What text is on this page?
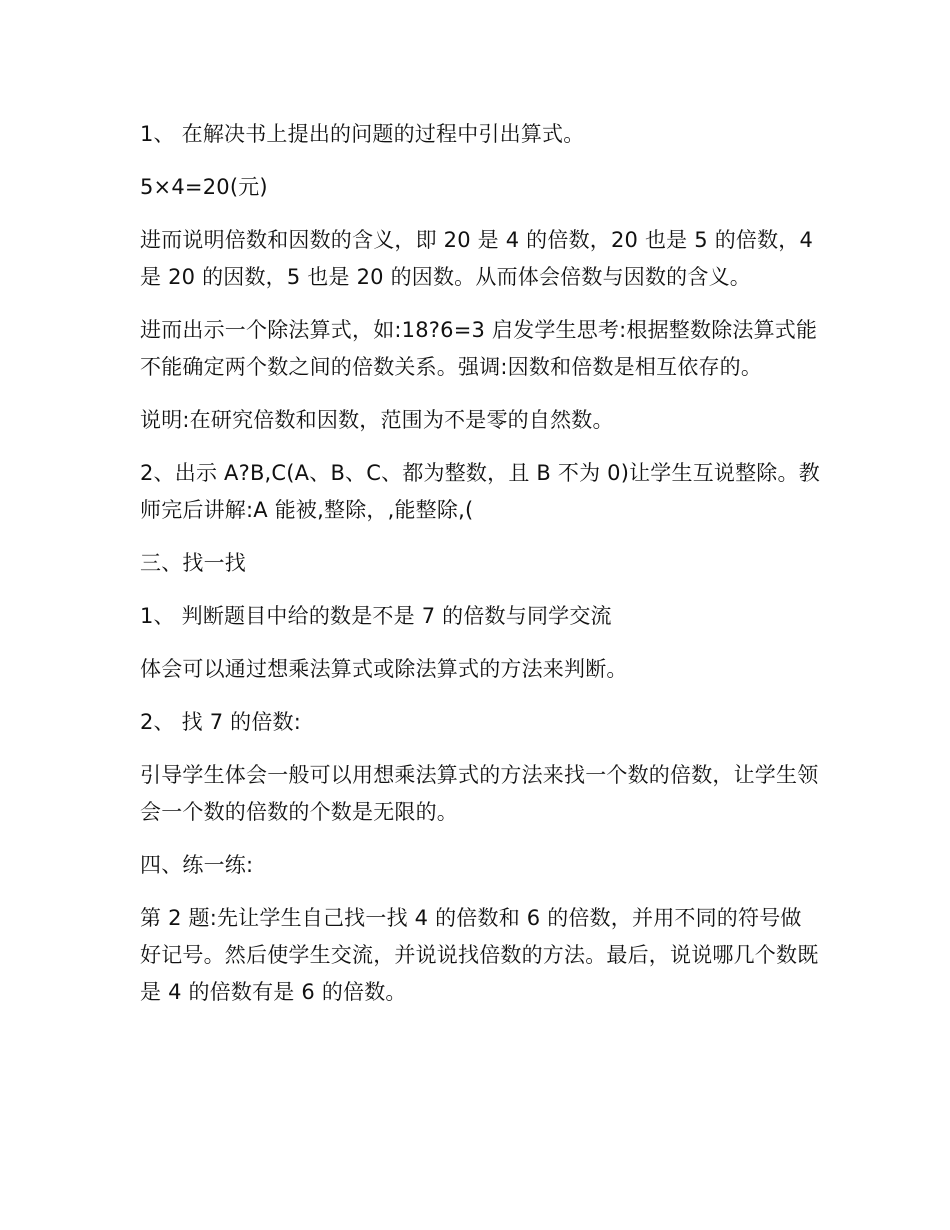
1、 在解决书上提出的问题的过程中引出算式。

5×4=20(元)

进而说明倍数和因数的含义，即 20 是 4 的倍数，20 也是 5 的倍数，4 是 20 的因数，5 也是 20 的因数。从而体会倍数与因数的含义。

进而出示一个除法算式，如:18?6=3 启发学生思考:根据整数除法算式能不能确定两个数之间的倍数关系。强调:因数和倍数是相互依存的。

说明:在研究倍数和因数，范围为不是零的自然数。

2、出示 A?B,C(A、B、C、都为整数，且 B 不为 0)让学生互说整除。教师完后讲解:A 能被,整除，,能整除,(

三、找一找

1、 判断题目中给的数是不是 7 的倍数与同学交流

体会可以通过想乘法算式或除法算式的方法来判断。

2、 找 7 的倍数:

引导学生体会一般可以用想乘法算式的方法来找一个数的倍数，让学生领会一个数的倍数的个数是无限的。

四、练一练:

第 2 题:先让学生自己找一找 4 的倍数和 6 的倍数，并用不同的符号做好记号。然后使学生交流，并说说找倍数的方法。最后，说说哪几个数既是 4 的倍数有是 6 的倍数。
